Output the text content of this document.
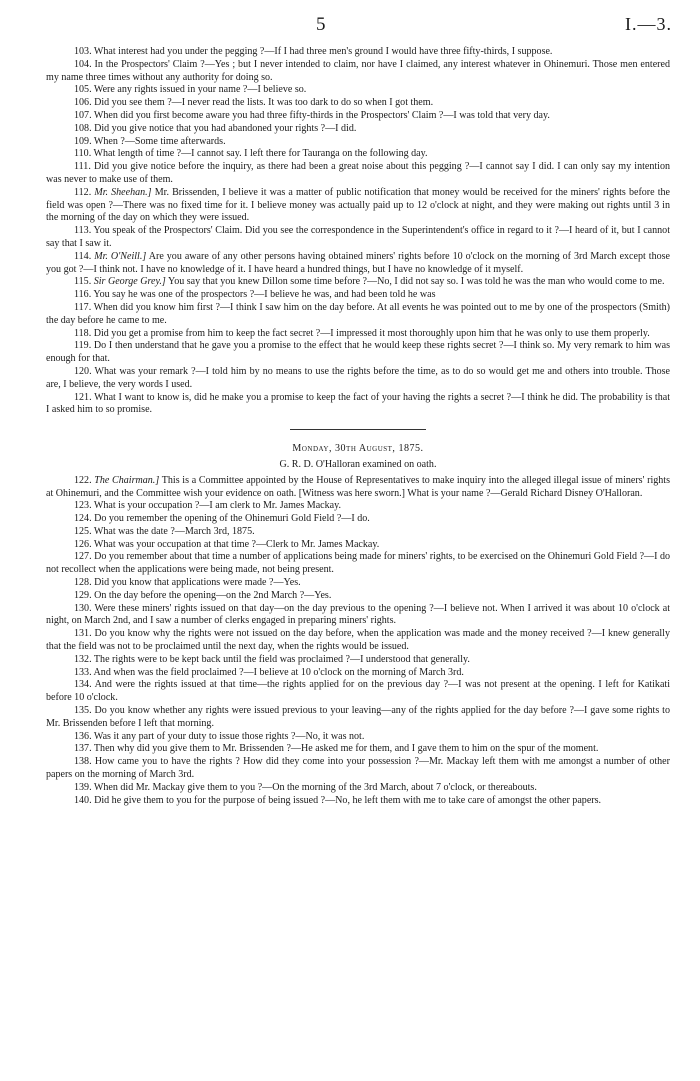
5	I.—3.

103. What interest had you under the pegging ?—If I had three men's ground I would have three fifty-thirds, I suppose.

104. In the Prospectors' Claim ?—Yes ; but I never intended to claim, nor have I claimed, any interest whatever in Ohinemuri. Those men entered my name three times without any authority for doing so.

105. Were any rights issued in your name ?—I believe so.

106. Did you see them ?—I never read the lists. It was too dark to do so when I got them.

107. When did you first become aware you had three fifty-thirds in the Prospectors' Claim ?—I was told that very day.

108. Did you give notice that you had abandoned your rights ?—I did.

109. When ?—Some time afterwards.

110. What length of time ?—I cannot say. I left there for Tauranga on the following day.

111. Did you give notice before the inquiry, as there had been a great noise about this pegging ?—I cannot say I did. I can only say my intention was never to make use of them.

112. Mr. Sheehan.] Mr. Brissenden, I believe it was a matter of public notification that money would be received for the miners' rights before the field was open ?—There was no fixed time for it. I believe money was actually paid up to 12 o'clock at night, and they were making out rights until 3 in the morning of the day on which they were issued.

113. You speak of the Prospectors' Claim. Did you see the correspondence in the Superintendent's office in regard to it ?—I heard of it, but I cannot say that I saw it.

114. Mr. O'Neill.] Are you aware of any other persons having obtained miners' rights before 10 o'clock on the morning of 3rd March except those you got ?—I think not. I have no knowledge of it. I have heard a hundred things, but I have no knowledge of it myself.

115. Sir George Grey.] You say that you knew Dillon some time before ?—No, I did not say so. I was told he was the man who would come to me.

116. You say he was one of the prospectors ?—I believe he was, and had been told he was

117. When did you know him first ?—I think I saw him on the day before. At all events he was pointed out to me by one of the prospectors (Smith) the day before he came to me.

118. Did you get a promise from him to keep the fact secret ?—I impressed it most thoroughly upon him that he was only to use them properly.

119. Do I then understand that he gave you a promise to the effect that he would keep these rights secret ?—I think so. My very remark to him was enough for that.

120. What was your remark ?—I told him by no means to use the rights before the time, as to do so would get me and others into trouble. Those are, I believe, the very words I used.

121. What I want to know is, did he make you a promise to keep the fact of your having the rights a secret ?—I think he did. The probability is that I asked him to so promise.

Monday, 30th August, 1875.

G. R. D. O'Halloran examined on oath.

122. The Chairman.] This is a Committee appointed by the House of Representatives to make inquiry into the alleged illegal issue of miners' rights at Ohinemuri, and the Committee wish your evidence on oath. [Witness was here sworn.] What is your name ?—Gerald Richard Disney O'Halloran.

123. What is your occupation ?—I am clerk to Mr. James Mackay.

124. Do you remember the opening of the Ohinemuri Gold Field ?—I do.

125. What was the date ?—March 3rd, 1875.

126. What was your occupation at that time ?—Clerk to Mr. James Mackay.

127. Do you remember about that time a number of applications being made for miners' rights, to be exercised on the Ohinemuri Gold Field ?—I do not recollect when the applications were being made, not being present.

128. Did you know that applications were made ?—Yes.

129. On the day before the opening—on the 2nd March ?—Yes.

130. Were these miners' rights issued on that day—on the day previous to the opening ?—I believe not. When I arrived it was about 10 o'clock at night, on March 2nd, and I saw a number of clerks engaged in preparing miners' rights.

131. Do you know why the rights were not issued on the day before, when the application was made and the money received ?—I knew generally that the field was not to be proclaimed until the next day, when the rights would be issued.

132. The rights were to be kept back until the field was proclaimed ?—I understood that generally.

133. And when was the field proclaimed ?—I believe at 10 o'clock on the morning of March 3rd.

134. And were the rights issued at that time—the rights applied for on the previous day ?—I was not present at the opening. I left for Katikati before 10 o'clock.

135. Do you know whether any rights were issued previous to your leaving—any of the rights applied for the day before ?—I gave some rights to Mr. Brissenden before I left that morning.

136. Was it any part of your duty to issue those rights ?—No, it was not.

137. Then why did you give them to Mr. Brissenden ?—He asked me for them, and I gave them to him on the spur of the moment.

138. How came you to have the rights ? How did they come into your possession ?—Mr. Mackay left them with me amongst a number of other papers on the morning of March 3rd.

139. When did Mr. Mackay give them to you ?—On the morning of the 3rd March, about 7 o'clock, or thereabouts.

140. Did he give them to you for the purpose of being issued ?—No, he left them with me to take care of amongst the other papers.
